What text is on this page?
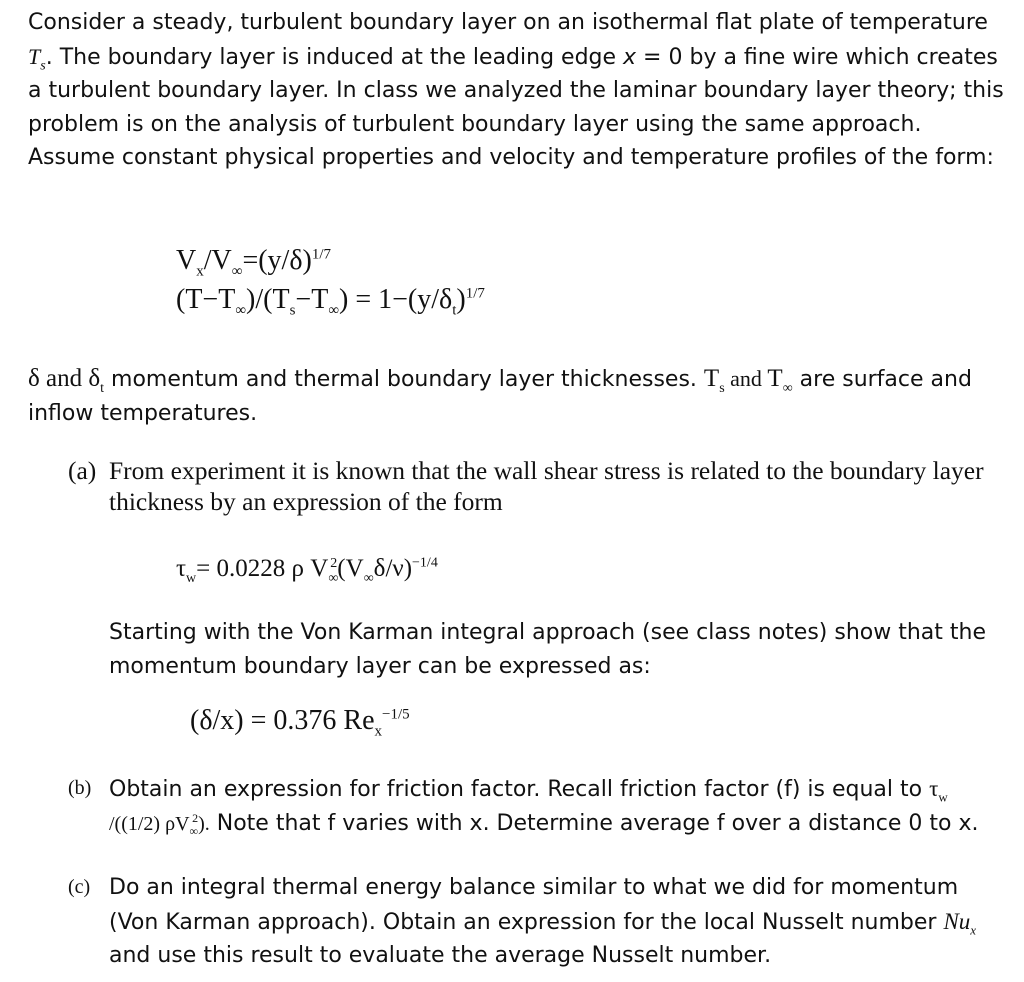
Consider a steady, turbulent boundary layer on an isothermal flat plate of temperature $T_s$. The boundary layer is induced at the leading edge x = 0 by a fine wire which creates a turbulent boundary layer. In class we analyzed the laminar boundary layer theory; this problem is on the analysis of turbulent boundary layer using the same approach. Assume constant physical properties and velocity and temperature profiles of the form:
$V_x/V_\infty=(y/\delta)^{1/7}$
$(T-T_\infty)/(T_s-T_\infty) = 1-(y/\delta_t)^{1/7}$
δ and $\delta_t$ momentum and thermal boundary layer thicknesses. $T_s$ and $T_\infty$ are surface and inflow temperatures.
(a) From experiment it is known that the wall shear stress is related to the boundary layer thickness by an expression of the form
$\tau_w= 0.0228$ ρ $V_\infty^2(V_\infty\delta/\nu)^{-1/4}$
Starting with the Von Karman integral approach (see class notes) show that the momentum boundary layer can be expressed as:
(δ/x) = 0.376 $Re_x^{-1/5}$
(b) Obtain an expression for friction factor. Recall friction factor (f) is equal to $\tau_w$ /((1/2) $\rho V_\infty^2$). Note that f varies with x. Determine average f over a distance 0 to x.
(c) Do an integral thermal energy balance similar to what we did for momentum (Von Karman approach). Obtain an expression for the local Nusselt number $Nu_x$ and use this result to evaluate the average Nusselt number.
